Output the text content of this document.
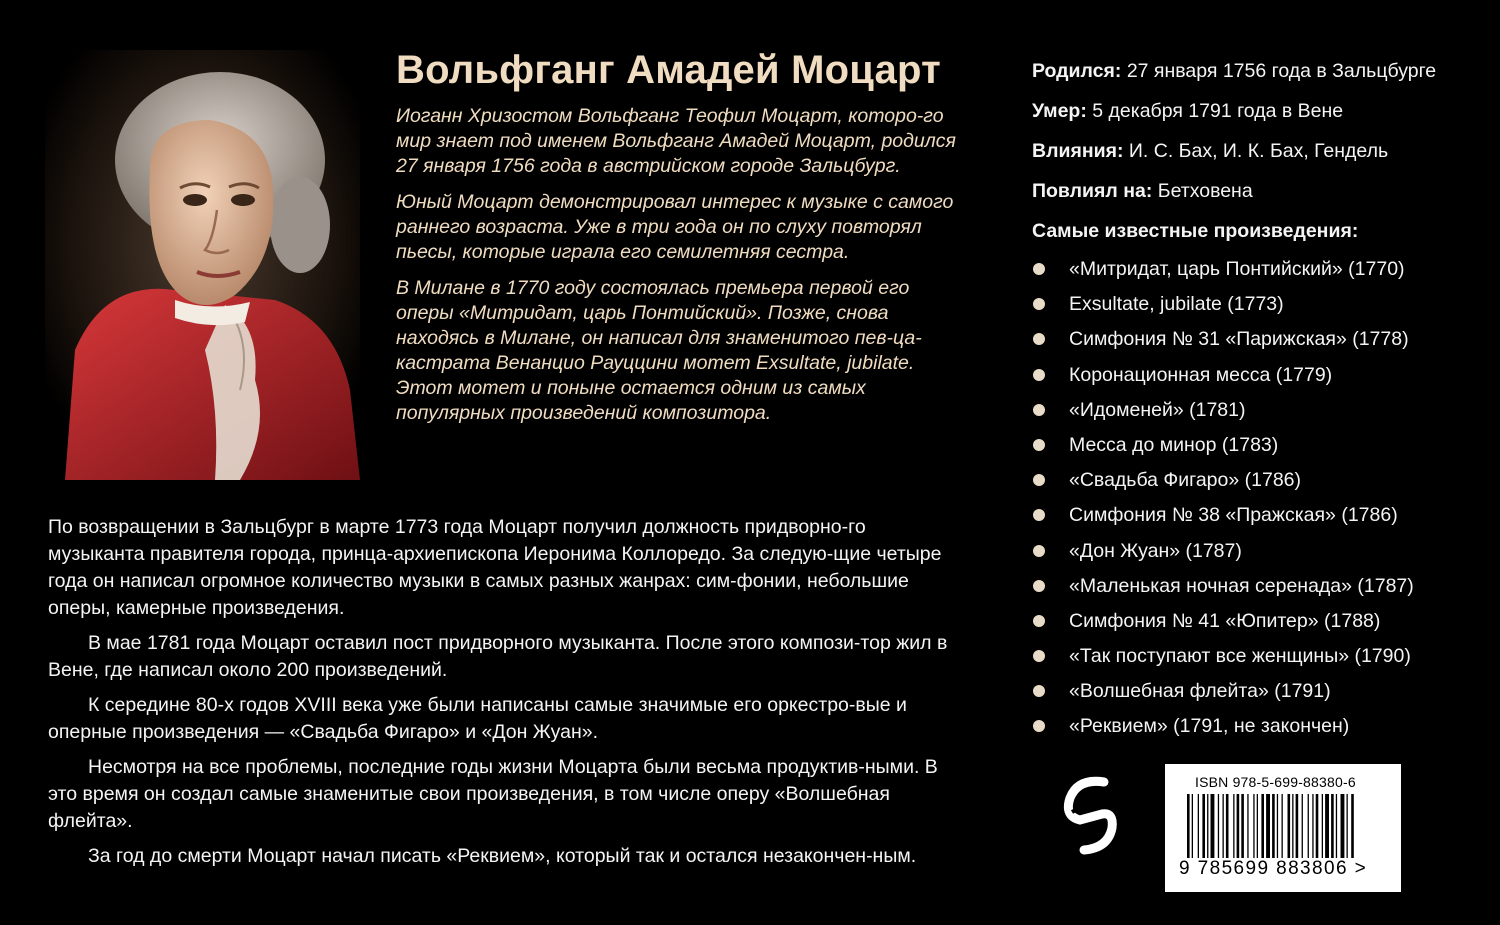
Вольфганг Амадей Моцарт

Иоганн Хризостом Вольфганг Теофил Моцарт, которо-го мир знает под именем Вольфганг Амадей Моцарт, родился 27 января 1756 года в австрийском городе Зальцбург.

Юный Моцарт демонстрировал интерес к музыке с самого раннего возраста. Уже в три года он по слуху повторял пьесы, которые играла его семилетняя сестра.

В Милане в 1770 году состоялась премьера первой его оперы «Митридат, царь Понтийский». Позже, снова находясь в Милане, он написал для знаменитого пев-ца-кастрата Венанцио Рауццини мотет Exsultate, jubilate. Этот мотет и поныне остается одним из самых популярных произведений композитора.

По возвращении в Зальцбург в марте 1773 года Моцарт получил должность придворно-го музыканта правителя города, принца-архиепископа Иеронима Коллоредо. За следую-щие четыре года он написал огромное количество музыки в самых разных жанрах: сим-фонии, небольшие оперы, камерные произведения.

В мае 1781 года Моцарт оставил пост придворного музыканта. После этого компози-тор жил в Вене, где написал около 200 произведений.

К середине 80-х годов XVIII века уже были написаны самые значимые его оркестро-вые и оперные произведения — «Свадьба Фигаро» и «Дон Жуан».

Несмотря на все проблемы, последние годы жизни Моцарта были весьма продуктив-ными. В это время он создал самые знаменитые свои произведения, в том числе оперу «Волшебная флейта».

За год до смерти Моцарт начал писать «Реквием», который так и остался незакончен-ным.

Родился: 27 января 1756 года в Зальцбурге
Умер: 5 декабря 1791 года в Вене
Влияния: И. С. Бах, И. К. Бах, Гендель
Повлиял на: Бетховена
Самые известные произведения:
«Митридат, царь Понтийский» (1770)
Exsultate, jubilate (1773)
Симфония № 31 «Парижская» (1778)
Коронационная месса (1779)
«Идоменей» (1781)
Месса до минор (1783)
«Свадьба Фигаро» (1786)
Симфония № 38 «Пражская» (1786)
«Дон Жуан» (1787)
«Маленькая ночная серенада» (1787)
Симфония № 41 «Юпитер» (1788)
«Так поступают все женщины» (1790)
«Волшебная флейта» (1791)
«Реквием» (1791, не закончен)
ISBN 978-5-699-88380-6
9 785699 883806 >
